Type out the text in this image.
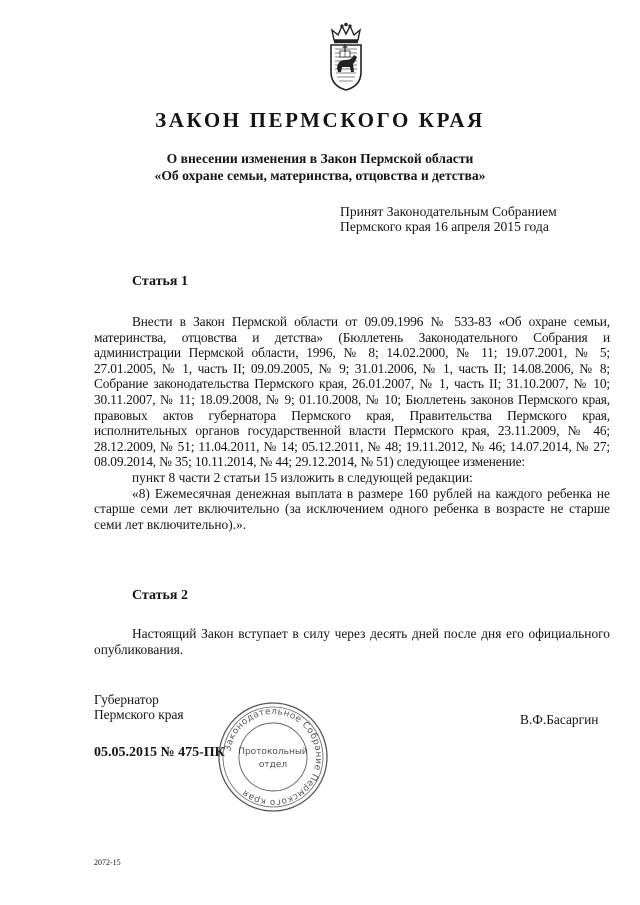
ЗАКОН ПЕРМСКОГО КРАЯ
О внесении изменения в Закон Пермской области
«Об охране семьи, материнства, отцовства и детства»
Принят Законодательным Собранием
Пермского края 16 апреля 2015 года
Статья 1

Внести в Закон Пермской области от 09.09.1996 № 533-83 «Об охране семьи, материнства, отцовства и детства» (Бюллетень Законодательного Собрания и администрации Пермской области, 1996, № 8; 14.02.2000, № 11; 19.07.2001, № 5; 27.01.2005, № 1, часть II; 09.09.2005, № 9; 31.01.2006, № 1, часть II; 14.08.2006, № 8; Собрание законодательства Пермского края, 26.01.2007, № 1, часть II; 31.10.2007, № 10; 30.11.2007, № 11; 18.09.2008, № 9; 01.10.2008, № 10; Бюллетень законов Пермского края, правовых актов губернатора Пермского края, Правительства Пермского края, исполнительных органов государственной власти Пермского края, 23.11.2009, № 46; 28.12.2009, № 51; 11.04.2011, № 14; 05.12.2011, № 48; 19.11.2012, № 46; 14.07.2014, № 27; 08.09.2014, № 35; 10.11.2014, № 44; 29.12.2014, № 51) следующее изменение:

пункт 8 части 2 статьи 15 изложить в следующей редакции:

«8) Ежемесячная денежная выплата в размере 160 рублей на каждого ребенка не старше семи лет включительно (за исключением одного ребенка в возрасте не старше семи лет включительно).».

Статья 2

Настоящий Закон вступает в силу через десять дней после дня его официального опубликования.

Губернатор
Пермского края	В.Ф.Басаргин
05.05.2015 № 475-ПК
Законодательное Собрание Пермского края
Протокольный
отдел
2072-15
